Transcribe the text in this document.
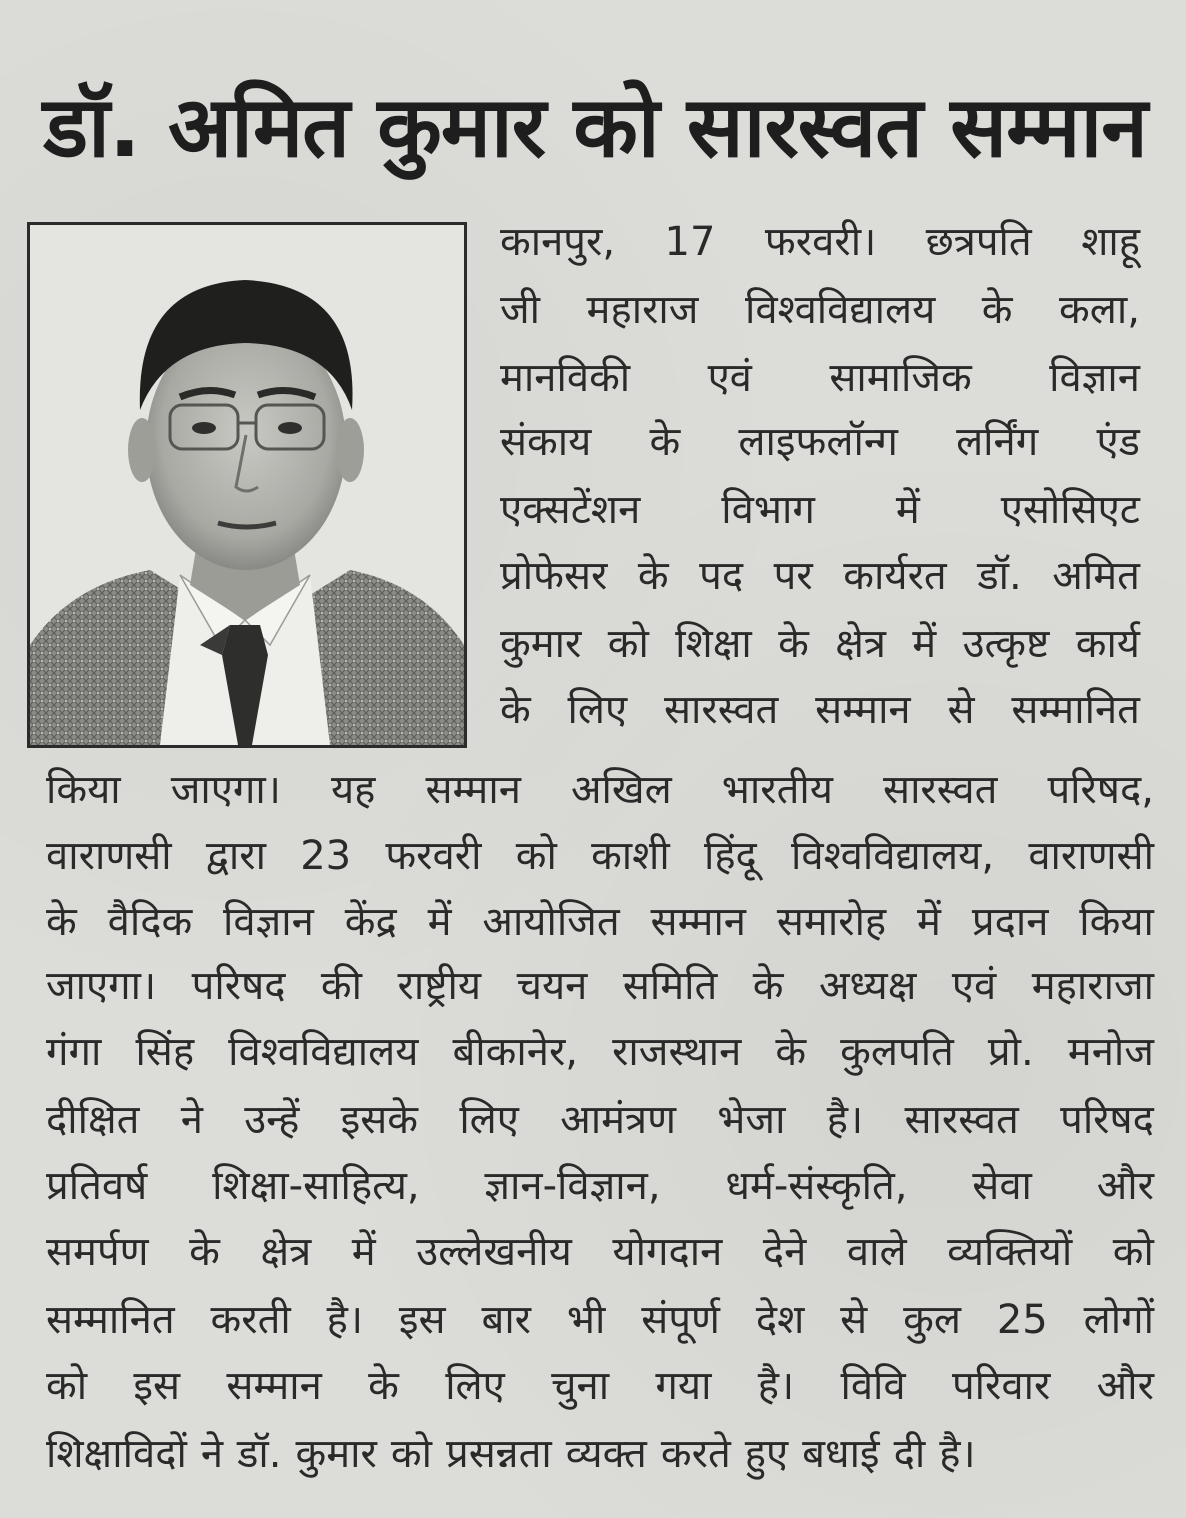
डॉ. अमित कुमार को सारस्वत सम्मान
कानपुर, 17 फरवरी। छत्रपति शाहू
जी महाराज विश्वविद्यालय के कला,
मानविकी एवं सामाजिक विज्ञान
संकाय के लाइफलॉन्ग लर्निंग एंड
एक्सटेंशन विभाग में एसोसिएट
प्रोफेसर के पद पर कार्यरत डॉ. अमित
कुमार को शिक्षा के क्षेत्र में उत्कृष्ट कार्य
के लिए सारस्वत सम्मान से सम्मानित
किया जाएगा। यह सम्मान अखिल भारतीय सारस्वत परिषद,
वाराणसी द्वारा 23 फरवरी को काशी हिंदू विश्वविद्यालय, वाराणसी
के वैदिक विज्ञान केंद्र में आयोजित सम्मान समारोह में प्रदान किया
जाएगा। परिषद की राष्ट्रीय चयन समिति के अध्यक्ष एवं महाराजा
गंगा सिंह विश्वविद्यालय बीकानेर, राजस्थान के कुलपति प्रो. मनोज
दीक्षित ने उन्हें इसके लिए आमंत्रण भेजा है। सारस्वत परिषद
प्रतिवर्ष शिक्षा-साहित्य, ज्ञान-विज्ञान, धर्म-संस्कृति, सेवा और
समर्पण के क्षेत्र में उल्लेखनीय योगदान देने वाले व्यक्तियों को
सम्मानित करती है। इस बार भी संपूर्ण देश से कुल 25 लोगों
को इस सम्मान के लिए चुना गया है। विवि परिवार और
शिक्षाविदों ने डॉ. कुमार को प्रसन्नता व्यक्त करते हुए बधाई दी है।
